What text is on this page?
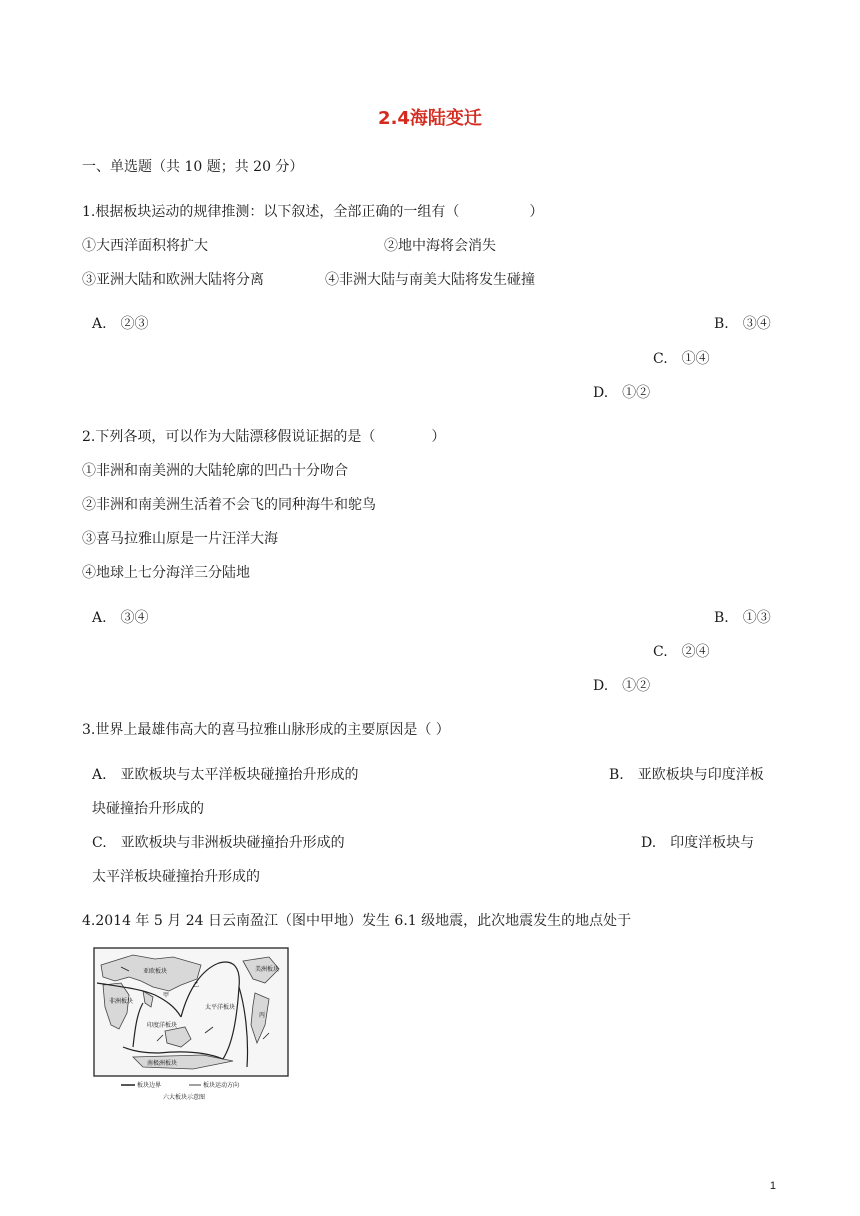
2.4海陆变迁
一、单选题（共 10 题；共 20 分）
1.根据板块运动的规律推测：以下叙述，全部正确的一组有（　　　　　）
①大西洋面积将扩大	②地中海将会消失
③亚洲大陆和欧洲大陆将分离	④非洲大陆与南美大陆将发生碰撞
A.　②③	B.　③④
C.　①④
D.　①②
2.下列各项，可以作为大陆漂移假说证据的是（　　　　）
①非洲和南美洲的大陆轮廓的凹凸十分吻合
②非洲和南美洲生活着不会飞的同种海牛和鸵鸟
③喜马拉雅山原是一片汪洋大海
④地球上七分海洋三分陆地
A.　③④	B.　①③
C.　②④
D.　①②
3.世界上最雄伟高大的喜马拉雅山脉形成的主要原因是（ ）
A.　亚欧板块与太平洋板块碰撞抬升形成的	B.　亚欧板块与印度洋板
块碰撞抬升形成的
C.　亚欧板块与非洲板块碰撞抬升形成的	D.　印度洋板块与
太平洋板块碰撞抬升形成的
4.2014 年 5 月 24 日云南盈江（图中甲地）发生 6.1 级地震，此次地震发生的地点处于
亚欧板块
太平洋板块
非洲板块
印度洋板块
南极洲板块
美洲板块
甲
乙
丙
板块边界	板块运动方向
六大板块示意图
1
